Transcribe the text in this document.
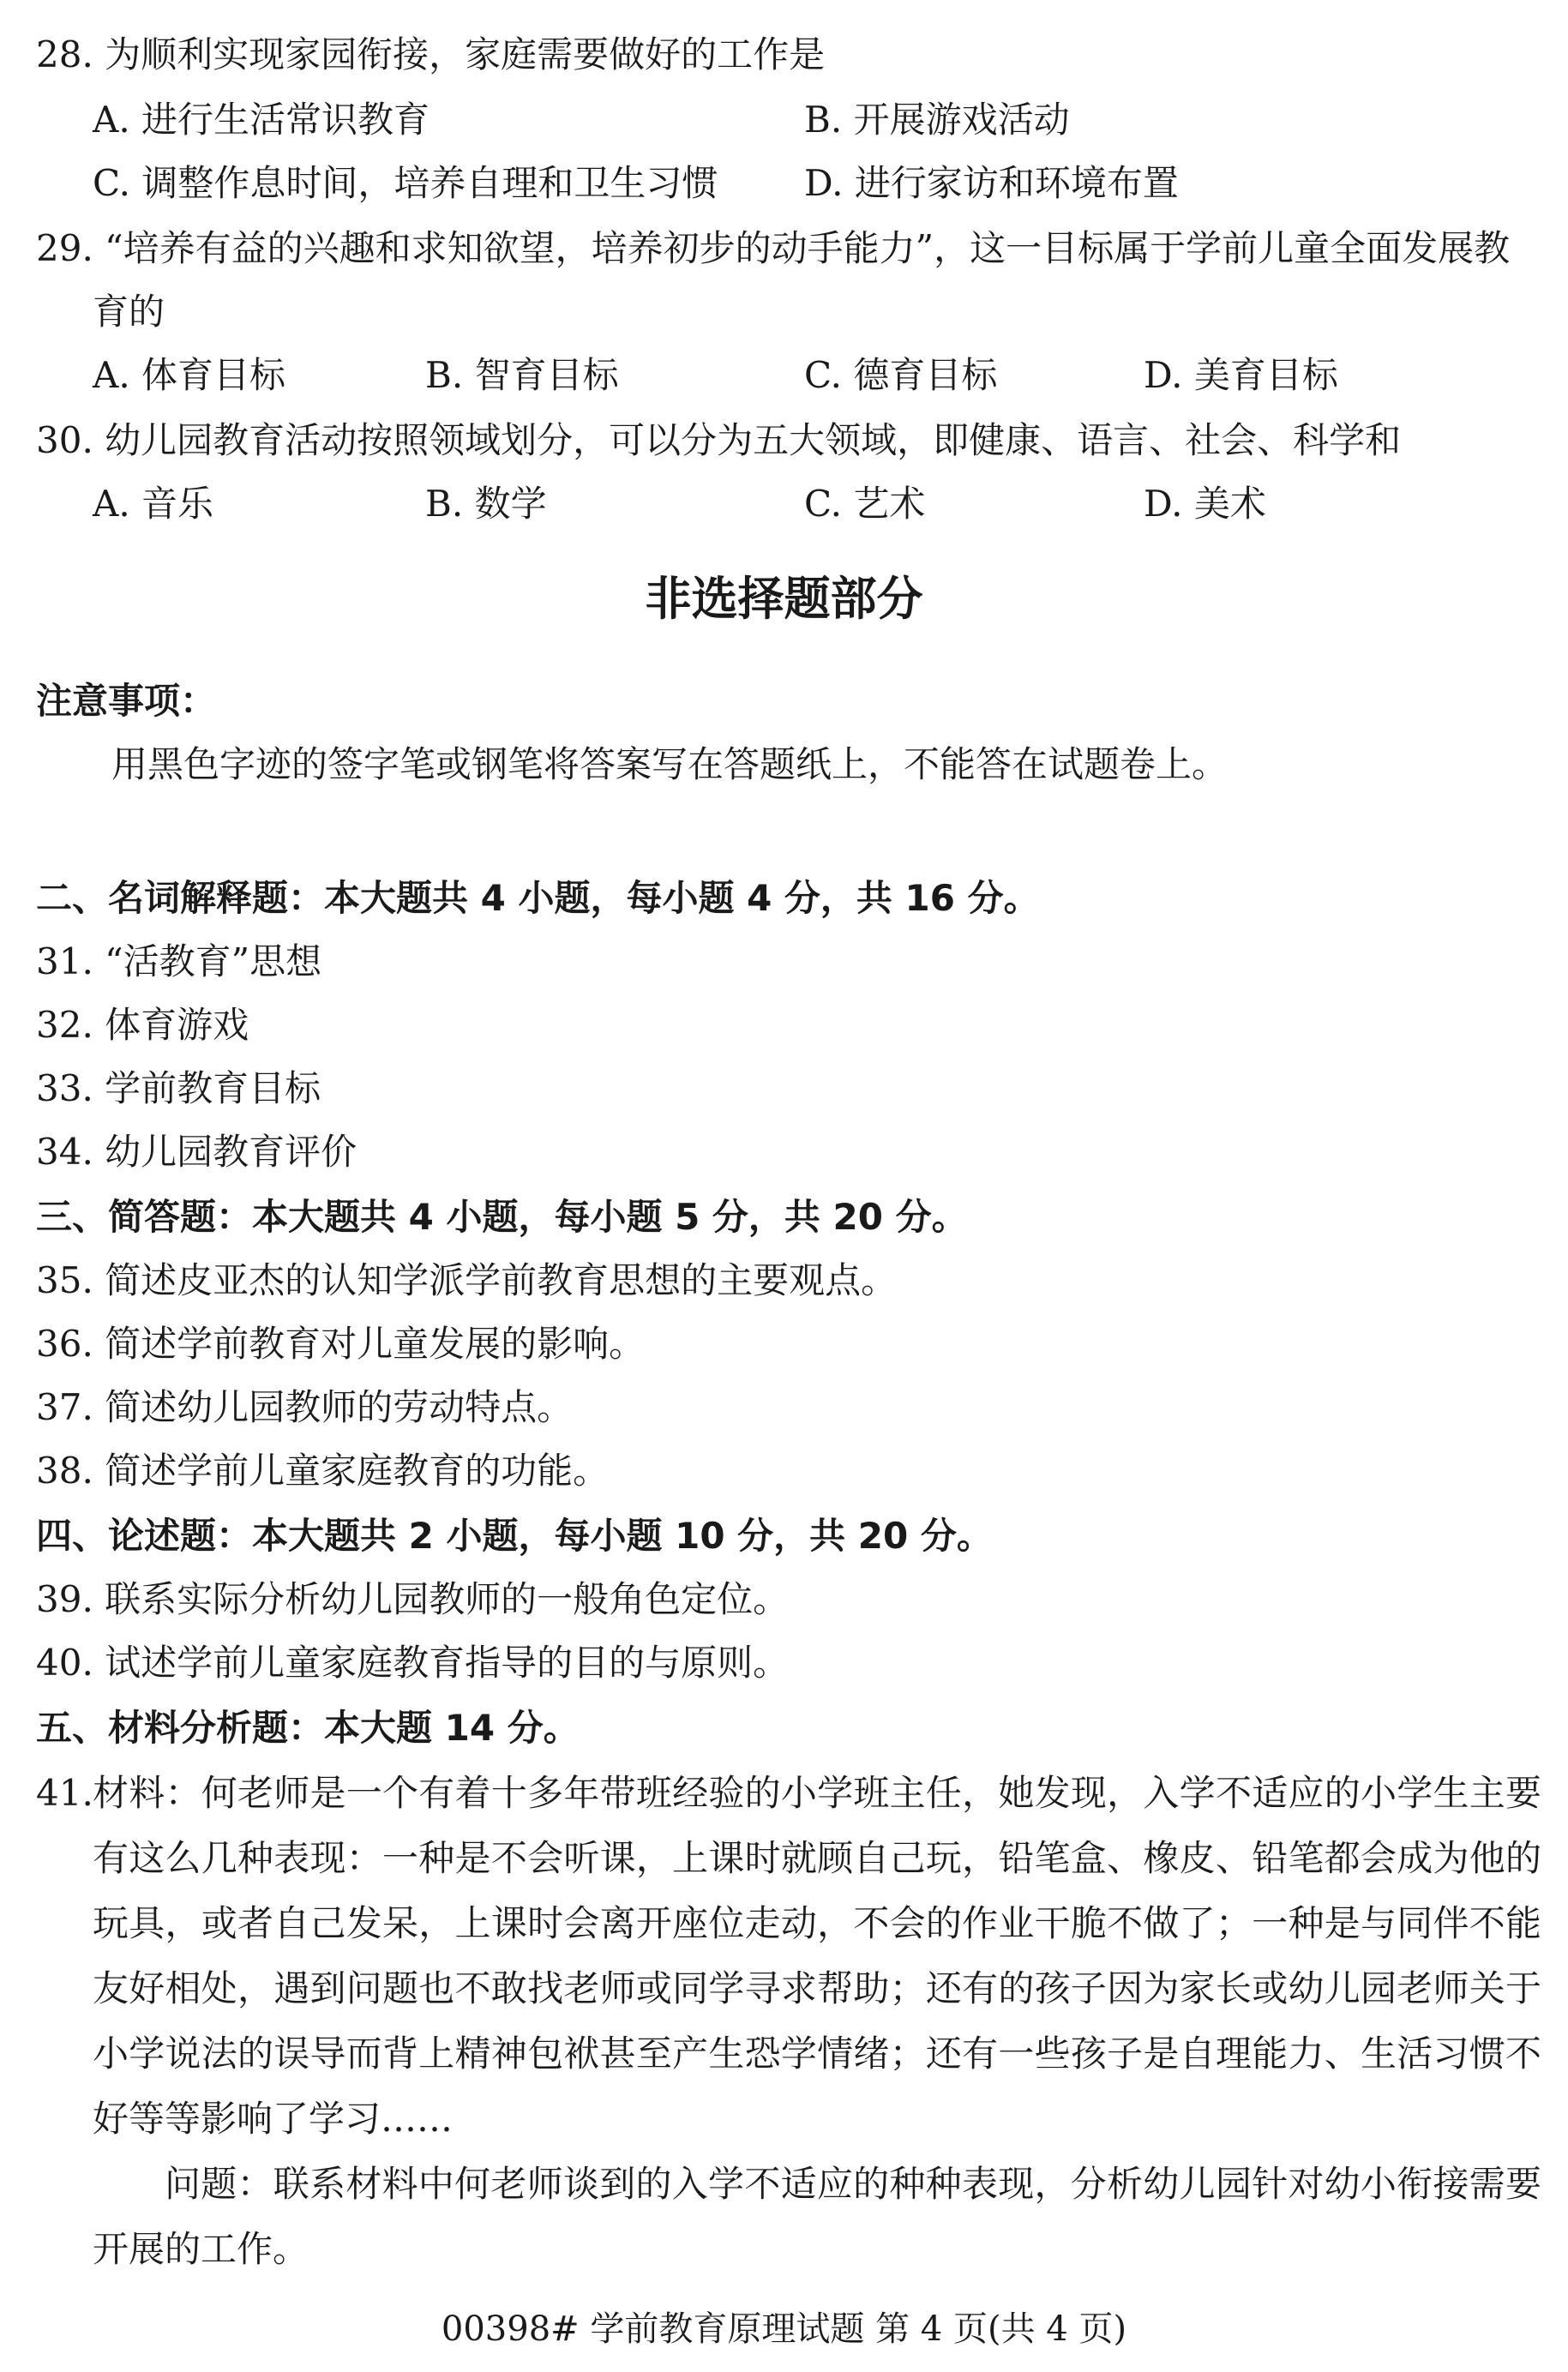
28. 为顺利实现家园衔接，家庭需要做好的工作是
A. 进行生活常识教育	B. 开展游戏活动
C. 调整作息时间，培养自理和卫生习惯 D. 进行家访和环境布置
29. “培养有益的兴趣和求知欲望，培养初步的动手能力”，这一目标属于学前儿童全面发展教
育的
A. 体育目标	B. 智育目标	C. 德育目标	D. 美育目标
30. 幼儿园教育活动按照领域划分，可以分为五大领域，即健康、语言、社会、科学和
A. 音乐	B. 数学	C. 艺术	D. 美术
非选择题部分
注意事项：
用黑色字迹的签字笔或钢笔将答案写在答题纸上，不能答在试题卷上。
二、名词解释题：本大题共 4 小题，每小题 4 分，共 16 分。
31. “活教育”思想
32. 体育游戏
33. 学前教育目标
34. 幼儿园教育评价
三、简答题：本大题共 4 小题，每小题 5 分，共 20 分。
35. 简述皮亚杰的认知学派学前教育思想的主要观点。
36. 简述学前教育对儿童发展的影响。
37. 简述幼儿园教师的劳动特点。
38. 简述学前儿童家庭教育的功能。
四、论述题：本大题共 2 小题，每小题 10 分，共 20 分。
39. 联系实际分析幼儿园教师的一般角色定位。
40. 试述学前儿童家庭教育指导的目的与原则。
五、材料分析题：本大题 14 分。
41. 材料：何老师是一个有着十多年带班经验的小学班主任，她发现，入学不适应的小学生主要有这么几种表现：一种是不会听课，上课时就顾自己玩，铅笔盒、橡皮、铅笔都会成为他的玩具，或者自己发呆，上课时会离开座位走动，不会的作业干脆不做了；一种是与同伴不能友好相处，遇到问题也不敢找老师或同学寻求帮助；还有的孩子因为家长或幼儿园老师关于小学说法的误导而背上精神包袱甚至产生恐学情绪；还有一些孩子是自理能力、生活习惯不好等等影响了学习……
问题：联系材料中何老师谈到的入学不适应的种种表现，分析幼儿园针对幼小衔接需要开展的工作。
00398# 学前教育原理试题 第 4 页(共 4 页)
